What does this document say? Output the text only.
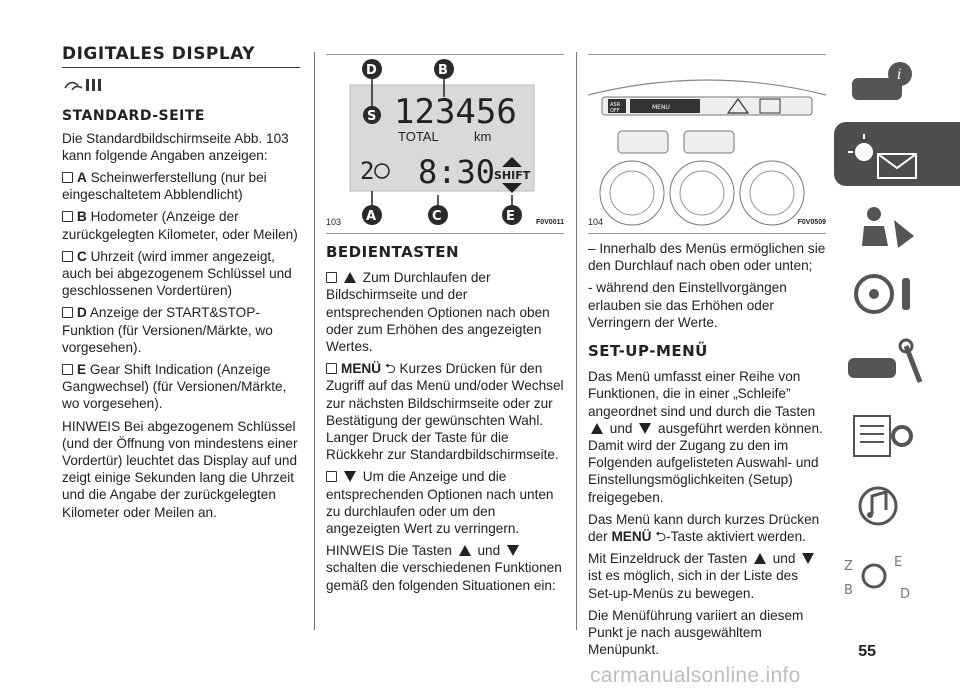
DIGITALES DISPLAY
STANDARD-SEITE

Die Standardbildschirmseite Abb. 103 kann folgende Angaben anzeigen:

A Scheinwerferstellung (nur bei eingeschaltetem Abblendlicht)

B Hodometer (Anzeige der zurückgelegten Kilometer, oder Meilen)

C Uhrzeit (wird immer angezeigt, auch bei abgezogenem Schlüssel und geschlossenen Vordertüren)

D Anzeige der START&STOP-Funktion (für Versionen/Märkte, wo vorgesehen).

E Gear Shift Indication (Anzeige Gangwechsel) (für Versionen/Märkte, wo vorgesehen).

HINWEIS Bei abgezogenem Schlüssel (und der Öffnung von mindestens einer Vordertür) leuchtet das Display auf und zeigt einige Sekunden lang die Uhrzeit und die Angabe der zurückgelegten Kilometer oder Meilen an.

123456
TOTAL	km
2 8:30
SHIFT
S
D	B
A	C	E
103	F0V0011
BEDIENTASTEN

Zum Durchlaufen der Bildschirmseite und der entsprechenden Optionen nach oben oder zum Erhöhen des angezeigten Wertes.

MENÜ ⮌ Kurzes Drücken für den Zugriff auf das Menü und/oder Wechsel zur nächsten Bildschirmseite oder zur Bestätigung der gewünschten Wahl. Langer Druck der Taste für die Rückkehr zur Standardbildschirmseite.

Um die Anzeige und die entsprechenden Optionen nach unten zu durchlaufen oder um den angezeigten Wert zu verringern.

HINWEIS Die Tasten und  schalten die verschiedenen Funktionen gemäß den folgenden Situationen ein:

ASR
OFF	MENU
104	F0V0509

– Innerhalb des Menüs ermöglichen sie den Durchlauf nach oben oder unten;

- während den Einstellvorgängen erlauben sie das Erhöhen oder Verringern der Werte.

SET-UP-MENÜ

Das Menü umfasst einer Reihe von Funktionen, die in einer „Schleife” angeordnet sind und durch die Tasten  und ausgeführt werden können. Damit wird der Zugang zu den im Folgenden aufgelisteten Auswahl- und Einstellungsmöglichkeiten (Setup) freigegeben.

Das Menü kann durch kurzes Drücken der MENÜ ⮌-Taste aktiviert werden.

Mit Einzeldruck der Tasten und  ist es möglich, sich in der Liste des Set-up-Menüs zu bewegen.

Die Menüführung variiert an diesem Punkt je nach ausgewähltem Menüpunkt.

i
Z	E
B	D
55
carmanualsonline.info
